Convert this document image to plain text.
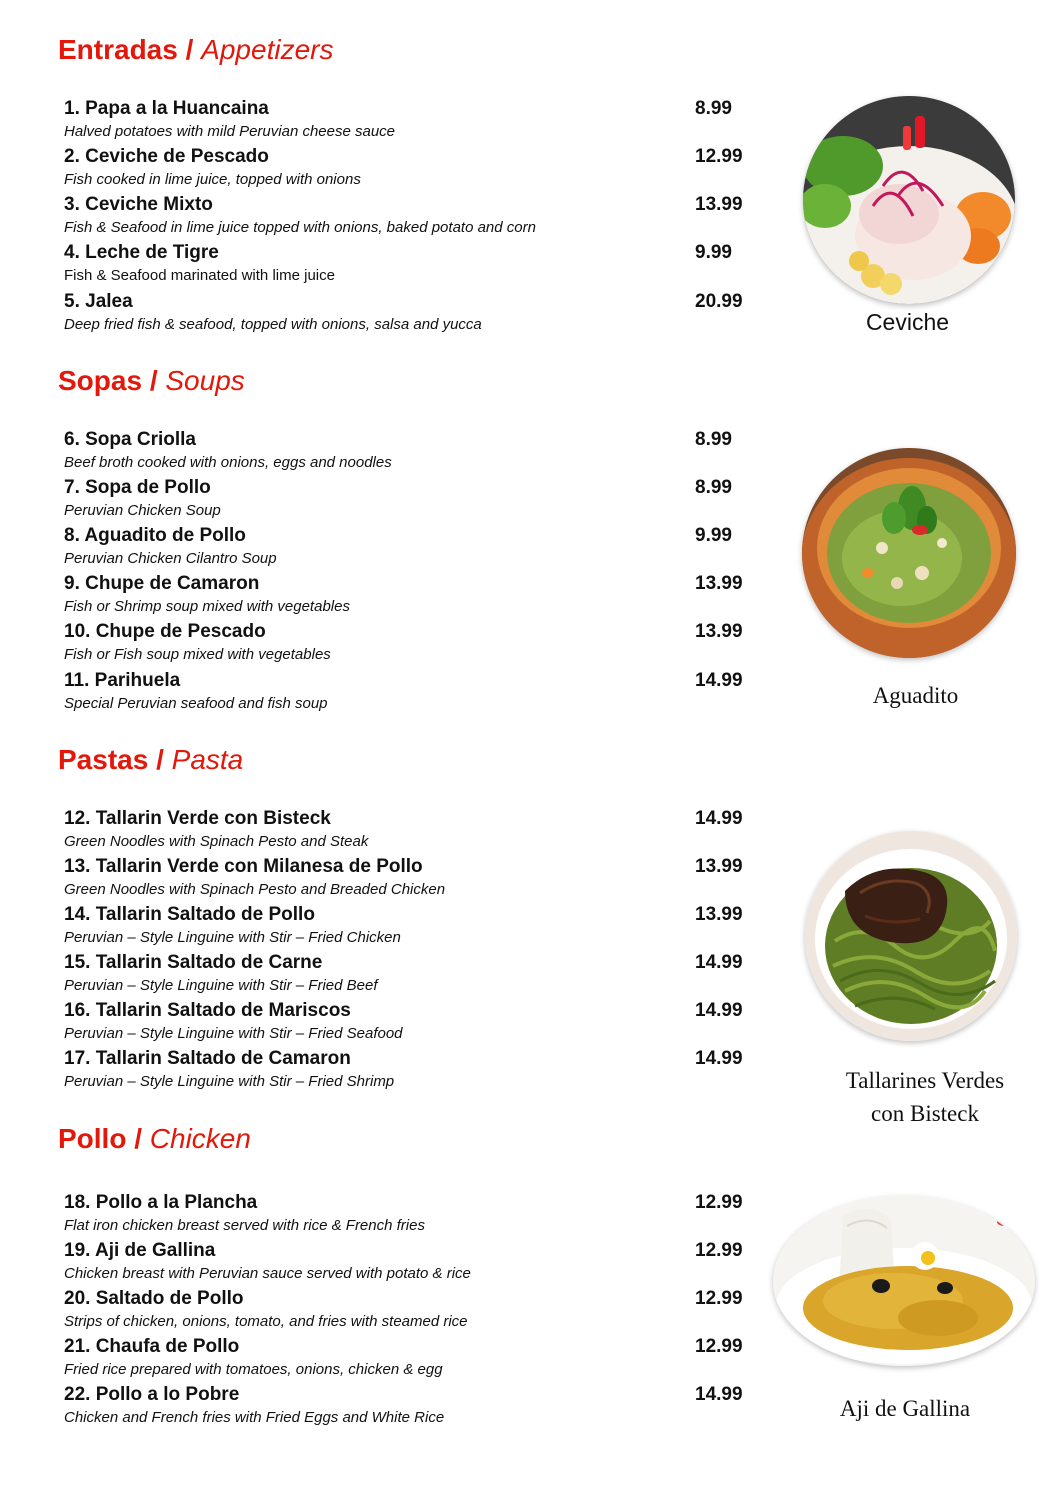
Entradas / Appetizers
1. Papa a la Huancaina	8.99
Halved potatoes with mild Peruvian cheese sauce
2. Ceviche de Pescado	12.99
Fish cooked in lime juice, topped with onions
3. Ceviche Mixto	13.99
Fish & Seafood in lime juice topped with onions, baked potato and corn
4. Leche de Tigre	9.99
Fish & Seafood marinated with lime juice
5. Jalea	20.99
Deep fried fish & seafood, topped with onions, salsa and yucca	Ceviche
Sopas / Soups
6. Sopa Criolla	8.99
Beef broth cooked with onions, eggs and noodles
7. Sopa de Pollo	8.99
Peruvian Chicken Soup
8. Aguadito de Pollo	9.99
Peruvian Chicken Cilantro Soup
9. Chupe de Camaron	13.99
Fish or Shrimp soup mixed with vegetables
10. Chupe de Pescado	13.99
Fish or Fish soup mixed with vegetables
11. Parihuela	14.99
Special Peruvian seafood and fish soup	Aguadito
Pastas / Pasta
12. Tallarin Verde con Bisteck	14.99
Green Noodles with Spinach Pesto and Steak
13. Tallarin Verde con Milanesa de Pollo	13.99
Green Noodles with Spinach Pesto and Breaded Chicken
14. Tallarin Saltado de Pollo	13.99
Peruvian – Style Linguine with Stir – Fried Chicken
15. Tallarin Saltado de Carne	14.99
Peruvian – Style Linguine with Stir – Fried Beef
16. Tallarin Saltado de Mariscos	14.99
Peruvian – Style Linguine with Stir – Fried Seafood
17. Tallarin Saltado de Camaron	14.99
Peruvian – Style Linguine with Stir – Fried Shrimp	Tallarines Verdes
con Bisteck
Pollo / Chicken
18. Pollo a la Plancha	12.99
Flat iron chicken breast served with rice & French fries
19. Aji de Gallina	12.99
Chicken breast with Peruvian sauce served with potato & rice
20. Saltado de Pollo	12.99
Strips of chicken, onions, tomato, and fries with steamed rice
21. Chaufa de Pollo	12.99
Fried rice prepared with tomatoes, onions, chicken & egg
22. Pollo a lo Pobre	14.99
Chicken and French fries with Fried Eggs and White Rice	Aji de Gallina
